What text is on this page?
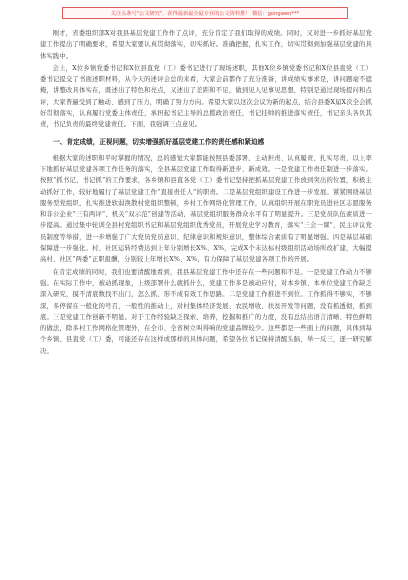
关注头条号"公文研究"，获得最新最全最专业的公文资料推！ 微信：gongwen***

刚才，省委组织部X对我县基层党建工作作了点评，充分肯定了我们取得的成绩。同时，又对进一步抓好基层党建工作提出了明确要求，希望大家要认真贯彻落实，切实抓好。准确把握，扎实工作，切实贯彻到加强基层党建的具体实践中。

会上，X位乡镇党委书记和X位县直党（工）委书记进行了现场述职，其他X位乡镇党委书记和X位县直党（工）委书记提交了书面述职材料，从今天的述评会总的来看，大家会前都作了充分准备，讲成绩实事求是，讲问题毫不遮掩，讲整改具体实在，既述出了特色和亮点，又述出了差距和不足，做到见人见事见思想，特别是通过现场提问和点评，大家普遍受到了触动、感到了压力，明确了努力方向。希望大家以这次会议为新的起点，结合县委X届X次全会抓好贯彻落实，认真履行党委主体责任，承担起书记主导的总揽政治责任，书记挂帅的推进落实责任，书记亲头各负其责，书记负责的最终党建责任。下面，我强调三点意见。

一、肯定成绩，正视问题，切实增强抓好基层党建工作的责任感和紧迫感

根据大家的述职和平时掌握的情况，总的感觉大家都能按照县委部署，主动担责、认真履责、扎实尽责，以上率下地抓好基层党建各项工作任务的落实，全县基层党建工作取得新进步、新成效。一是党建工作责任制进一步落实。按照“抓书记、书记抓”的工作要求，各乡镇和县直各党（工）委书记坚持把抓基层党建工作放到突出的位置，积极主动抓好工作，较好地履行了基层党建工作“直接责任人”的职责。二是基层党组织建设工作进一步发展。紧紧围绕基层服务型党组织，扎实推进软弱涣散村党组织整顿，乡村工作网络化管理工作，认真组织开展在职党员进社区志愿服务和非公企业“三有两评”、机关“双示范”创建等活动，基层党组织服务群众水平有了明显提升。三是党员队伍素质进一步提高。通过集中轮训全县村党组织书记和基层党组织优秀党员，开展党史学习教育，落实“三会一课”、民主评议党员制度等举措，进一步增强了广大党员党员意识、纪律意识和规矩意识，整体综合素质有了明显增强。四是基层基础保障进一步强化。村、社区运转经费达到上年分别增长X%、X%，完成X个未达标村级组织活动场所改扩建，大幅提高村、社区“两委”正职报酬，分别较上年增长X%、X%，有力保障了基层党建各项工作的开展。

在肯定成绩的同时，我们也要清醒地看到，我县基层党建工作中还存在一些问题和不足。一是党建工作动力不够强。在实际工作中，被动抓现象，上级部署什么就抓什么，党建工作多是被动应付，对本乡镇、本单位党建工作缺乏深入研究，摸不清底数找不出门，怎么抓、形不成有效工作思路。二是党建工作推进不到位。工作抓得不够实，不够深，多停留在一般化的号召，一般性的推动上，对村集体经济发展、农民增收、扶贫开发等问题，没有抓透彻，抓到底。三是党建工作创新不明显。对于工作经验缺乏探索、培养，挖掘和推广的力度，没有总结出语言清晰、特色鲜明的做法，除多村工作网格化管理外，在全市、全省树立叫得响的党建品牌较少。这些都是一些面上的问题，具体到每个乡镇、县直党（工）委，可能还存在这样或那样的具体问题，希望各位书记保持清醒头脑，举一反三，逐一研究解决。
